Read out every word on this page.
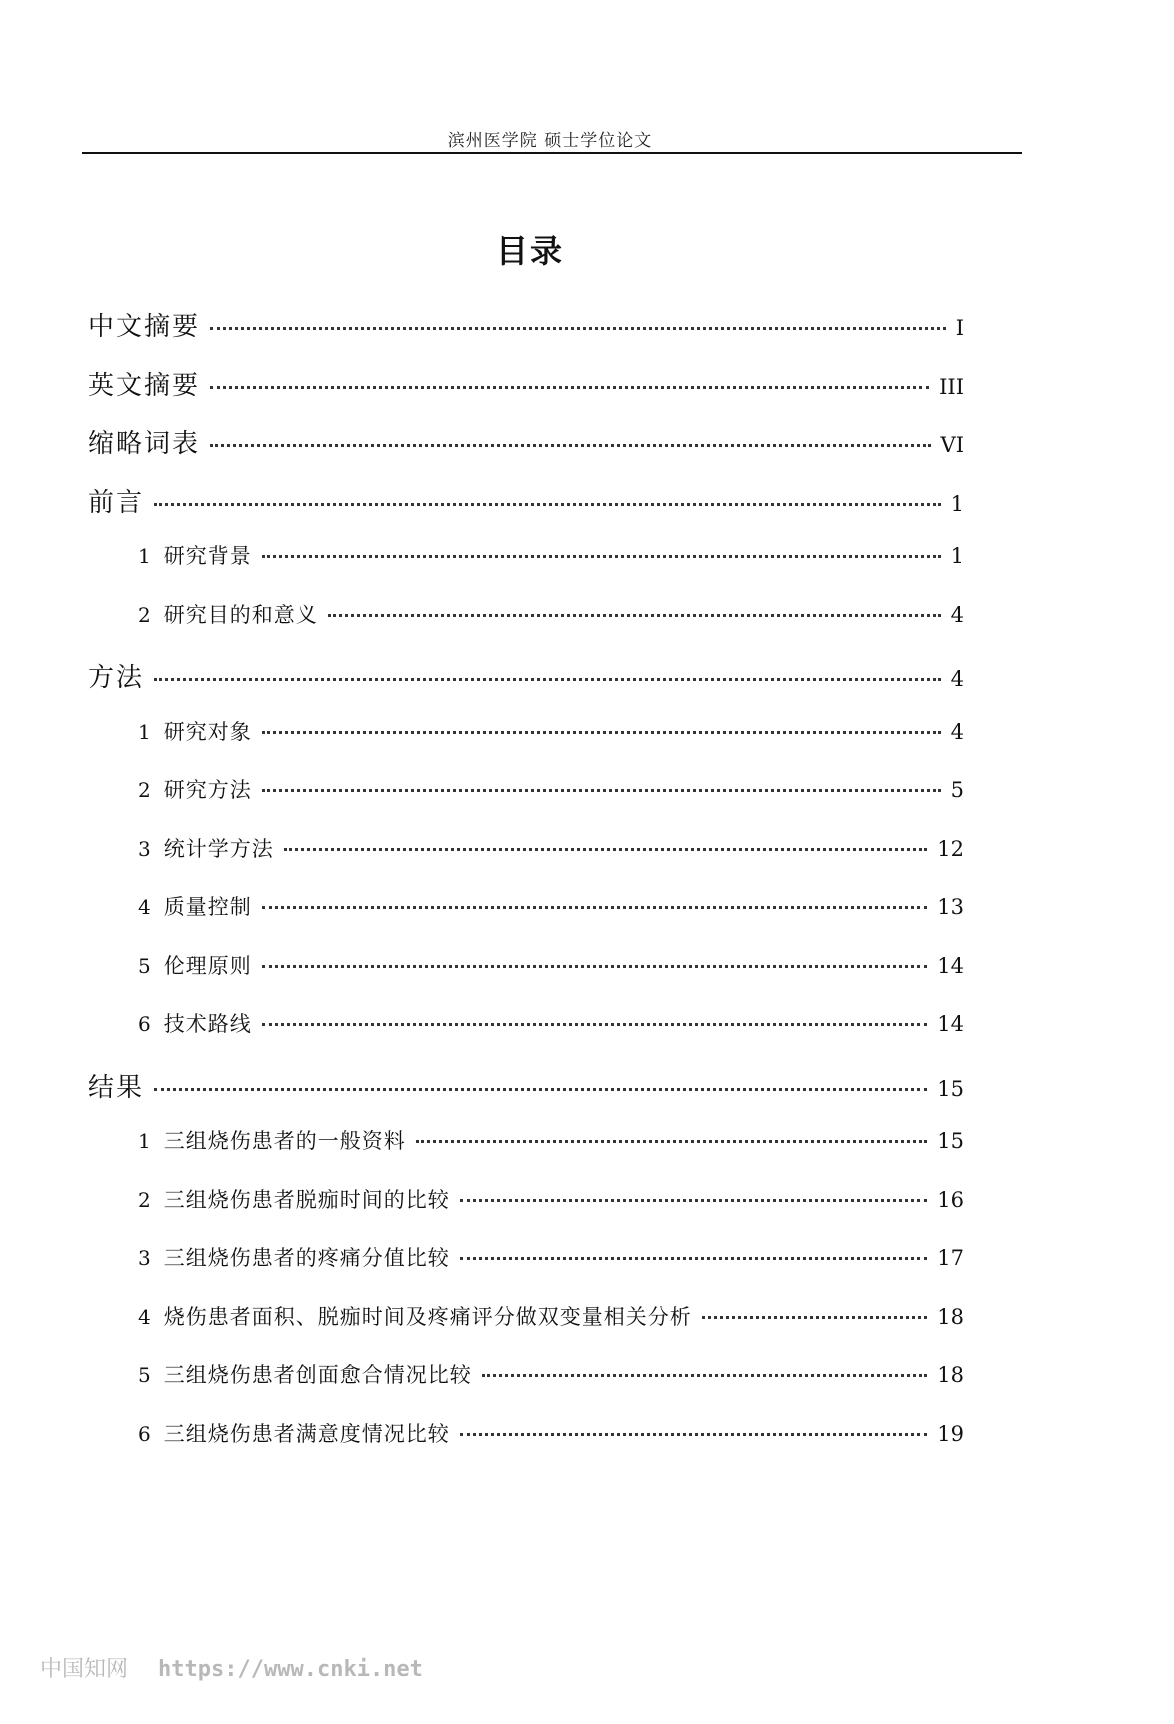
滨州医学院 硕士学位论文
目录
中文摘要	I
英文摘要	III
缩略词表	VI
前言	1
1 研究背景	1
2 研究目的和意义	4
方法	4
1 研究对象	4
2 研究方法	5
3 统计学方法	12
4 质量控制	13
5 伦理原则	14
6 技术路线	14
结果	15
1 三组烧伤患者的一般资料	15
2 三组烧伤患者脱痂时间的比较	16
3 三组烧伤患者的疼痛分值比较	17
4 烧伤患者面积、脱痂时间及疼痛评分做双变量相关分析	18
5 三组烧伤患者创面愈合情况比较	18
6 三组烧伤患者满意度情况比较	19
中国知网 https://www.cnki.net
